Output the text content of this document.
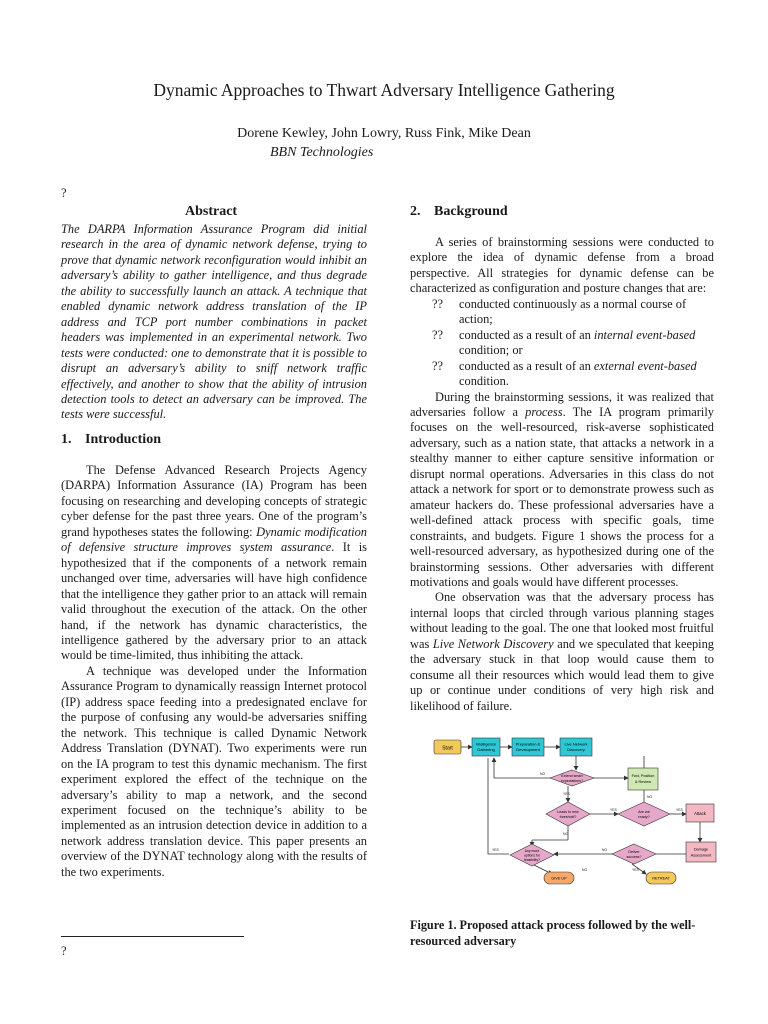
Dynamic Approaches to Thwart Adversary Intelligence Gathering
Dorene Kewley, John Lowry, Russ Fink, Mike Dean
BBN Technologies
?
Abstract

The DARPA Information Assurance Program did initial research in the area of dynamic network defense, trying to prove that dynamic network reconfiguration would inhibit an adversary’s ability to gather intelligence, and thus degrade the ability to successfully launch an attack. A technique that enabled dynamic network address translation of the IP address and TCP port number combinations in packet headers was implemented in an experimental network. Two tests were conducted: one to demonstrate that it is possible to disrupt an adversary’s ability to sniff network traffic effectively, and another to show that the ability of intrusion detection tools to detect an adversary can be improved. The tests were successful.

1. Introduction

The Defense Advanced Research Projects Agency (DARPA) Information Assurance (IA) Program has been focusing on researching and developing concepts of strategic cyber defense for the past three years. One of the program’s grand hypotheses states the following: Dynamic modification of defensive structure improves system assurance. It is hypothesized that if the components of a network remain unchanged over time, adversaries will have high confidence that the intelligence they gather prior to an attack will remain valid throughout the execution of the attack. On the other hand, if the network has dynamic characteristics, the intelligence gathered by the adversary prior to an attack would be time-limited, thus inhibiting the attack.

A technique was developed under the Information Assurance Program to dynamically reassign Internet protocol (IP) address space feeding into a predesignated enclave for the purpose of confusing any would-be adversaries sniffing the network. This technique is called Dynamic Network Address Translation (DYNAT). Two experiments were run on the IA program to test this dynamic mechanism. The first experiment explored the effect of the technique on the adversary’s ability to map a network, and the second experiment focused on the technique’s ability to be implemented as an intrusion detection device in addition to a network address translation device. This paper presents an overview of the DYNAT technology along with the results of the two experiments.

2. Background

A series of brainstorming sessions were conducted to explore the idea of dynamic defense from a broad perspective. All strategies for dynamic defense can be characterized as configuration and posture changes that are:

??	conducted continuously as a normal course of action;
??	conducted as a result of an internal event-based condition; or
??	conducted as a result of an external event-based condition.

During the brainstorming sessions, it was realized that adversaries follow a process. The IA program primarily focuses on the well-resourced, risk-averse sophisticated adversary, such as a nation state, that attacks a network in a stealthy manner to either capture sensitive information or disrupt normal operations. Adversaries in this class do not attack a network for sport or to demonstrate prowess such as amateur hackers do. These professional adversaries have a well-defined attack process with specific goals, time constraints, and budgets. Figure 1 shows the process for a well-resourced adversary, as hypothesized during one of the brainstorming sessions. Other adversaries with different motivations and goals would have different processes.

One observation was that the adversary process has internal loops that circled through various planning stages without leading to the goal. The one that looked most fruitful was Live Network Discovery and we speculated that keeping the adversary stuck in that loop would cause them to consume all their resources which would lead them to give up or continue under conditions of very high risk and likelihood of failure.

Start
Intelligence
Gathering
Preparation &
Development
Live Network
Discovery
Extend smart
expectations?
Fwd, Position
& Review
Leads to new
threshold?
Are we
ready?
Attack
Any more
options for
feasibility?
Deliver
success?
Damage
Assessment
GIVE UP	RETREAT
NO
YES
YES
NO
YES
NO
YES	NO
NO	YES
Figure 1. Proposed attack process followed by the well-resourced adversary
?
